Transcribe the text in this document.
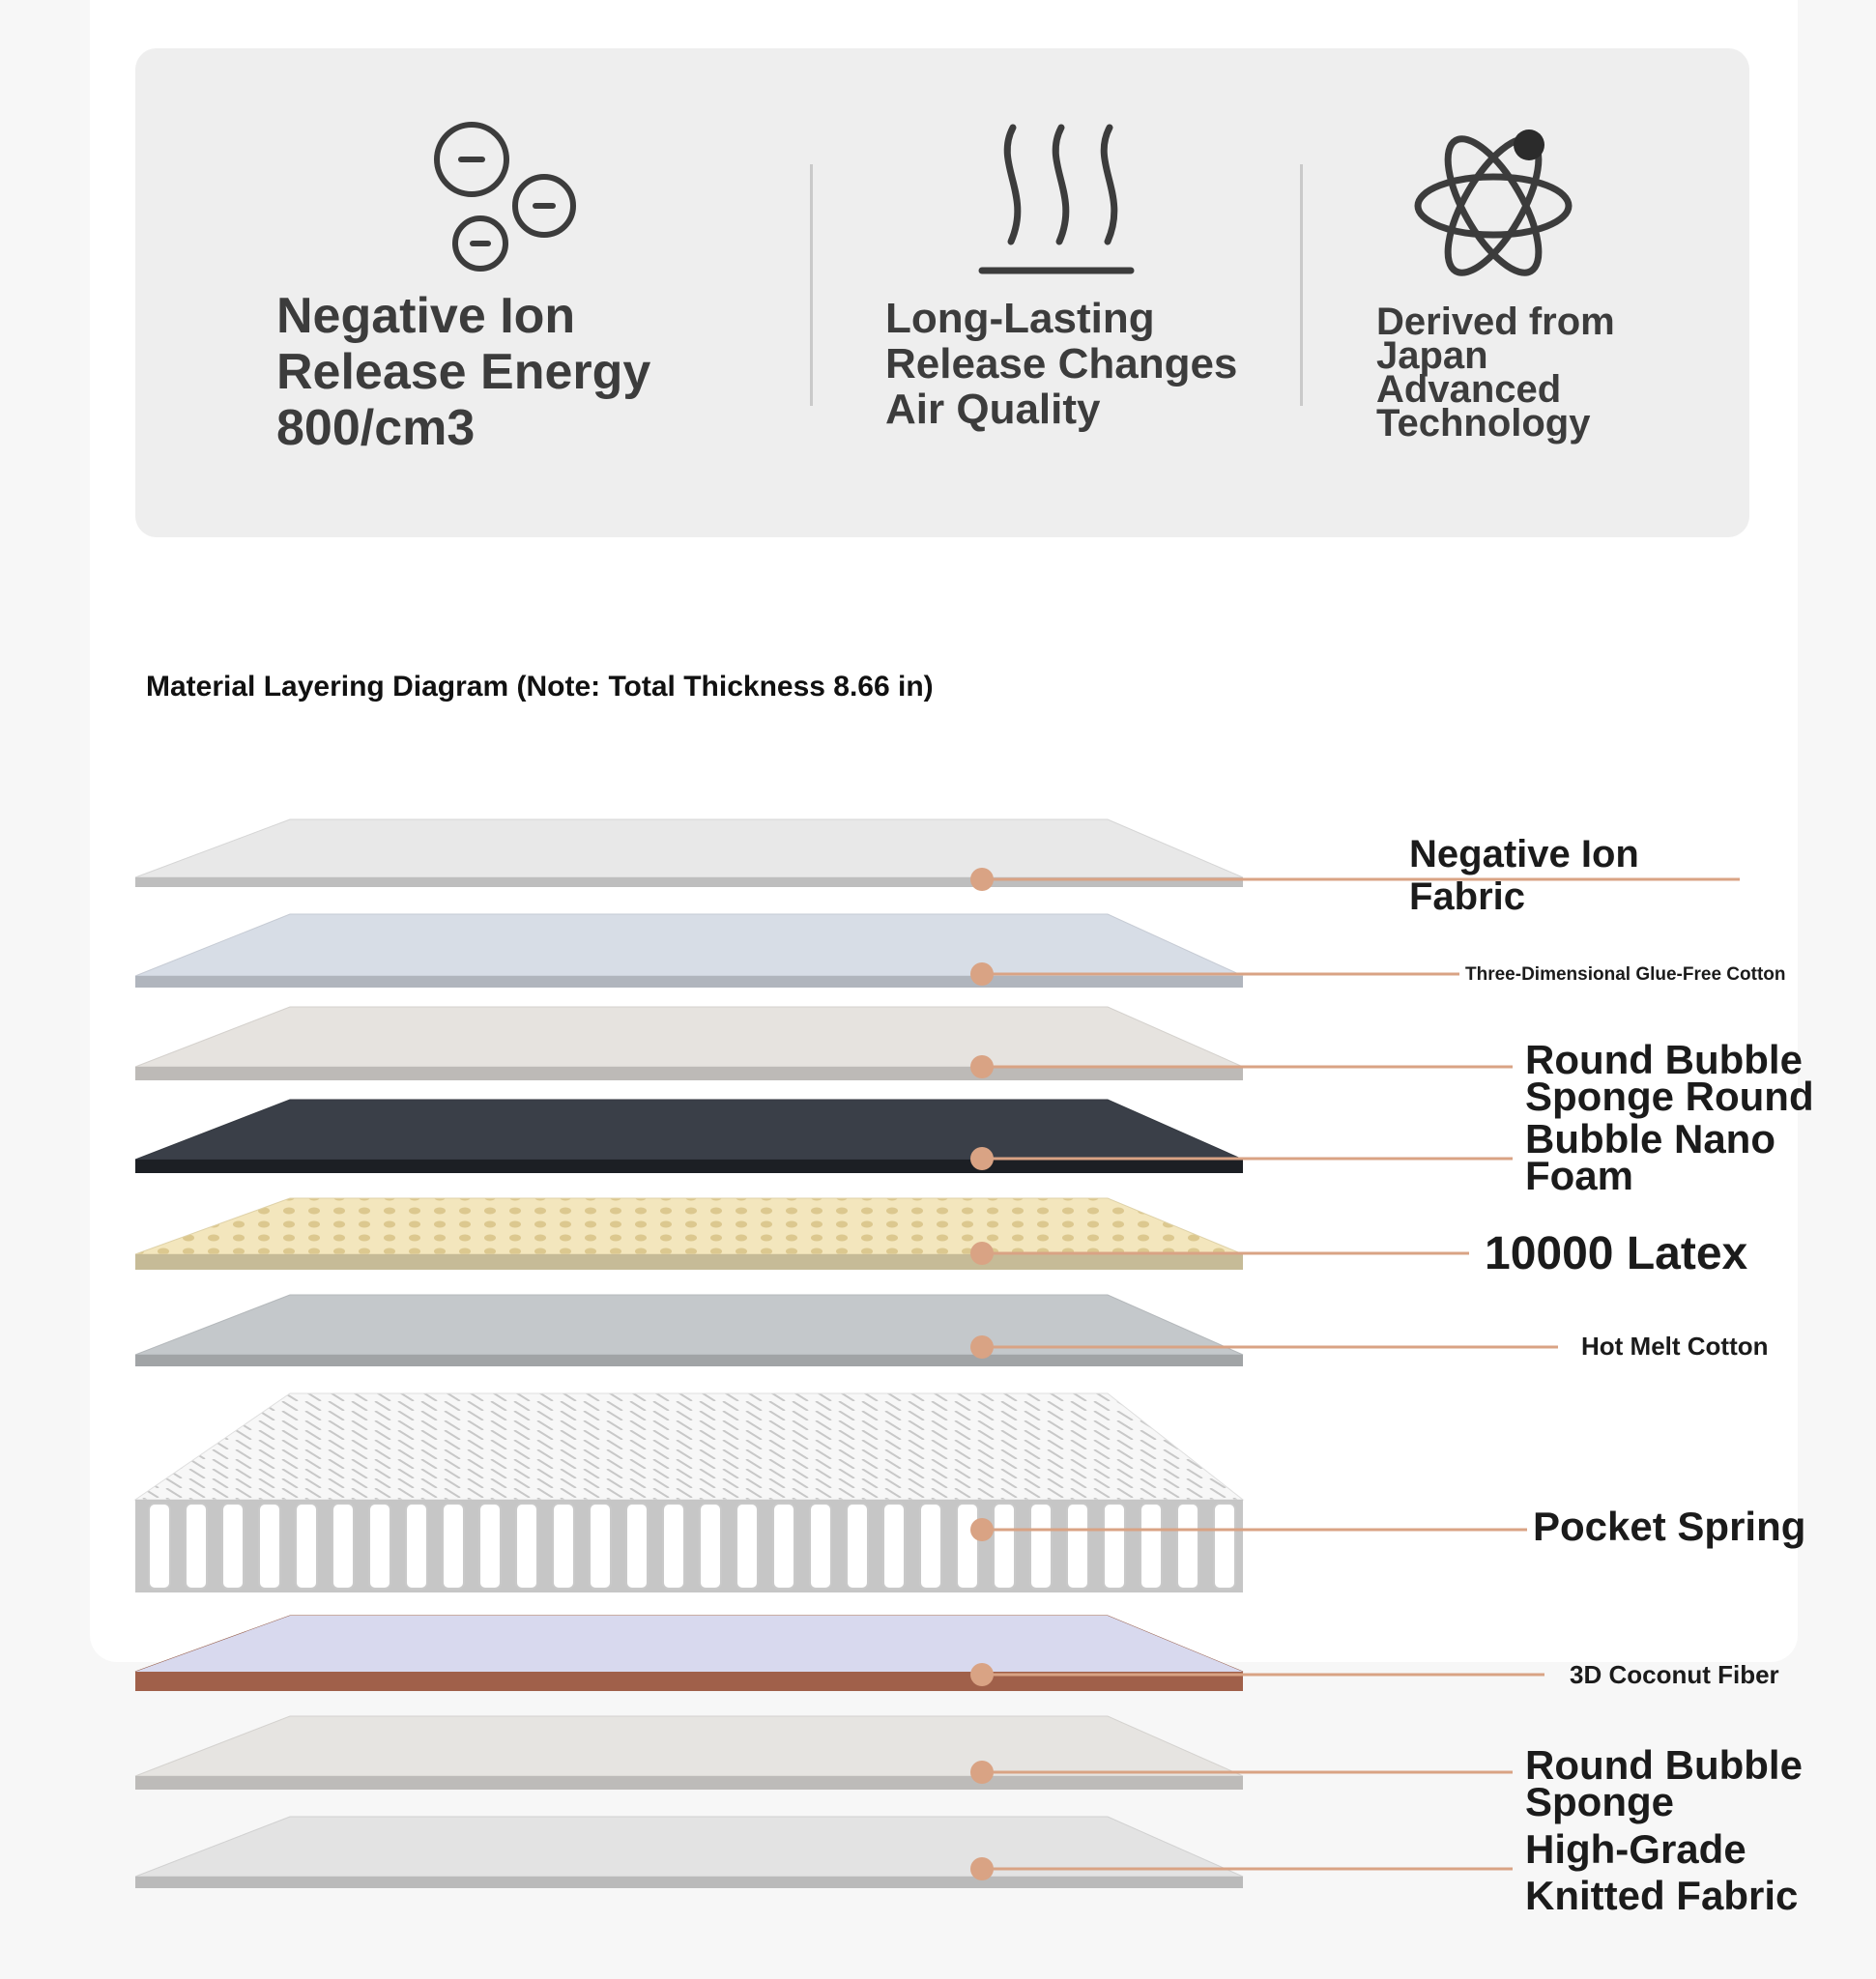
Negative Ion
Release Energy
800/cm3

Long-Lasting
Release Changes
Air Quality

Derived from
Japan
Advanced
Technology

Material Layering Diagram (Note: Total Thickness 8.66 in)

Negative Ion
Fabric

Three-Dimensional Glue-Free Cotton

Round Bubble
Sponge Round

Bubble Nano
Foam

10000 Latex

Hot Melt Cotton

Pocket Spring

3D Coconut Fiber

Round Bubble
Sponge

High-Grade
Knitted Fabric
